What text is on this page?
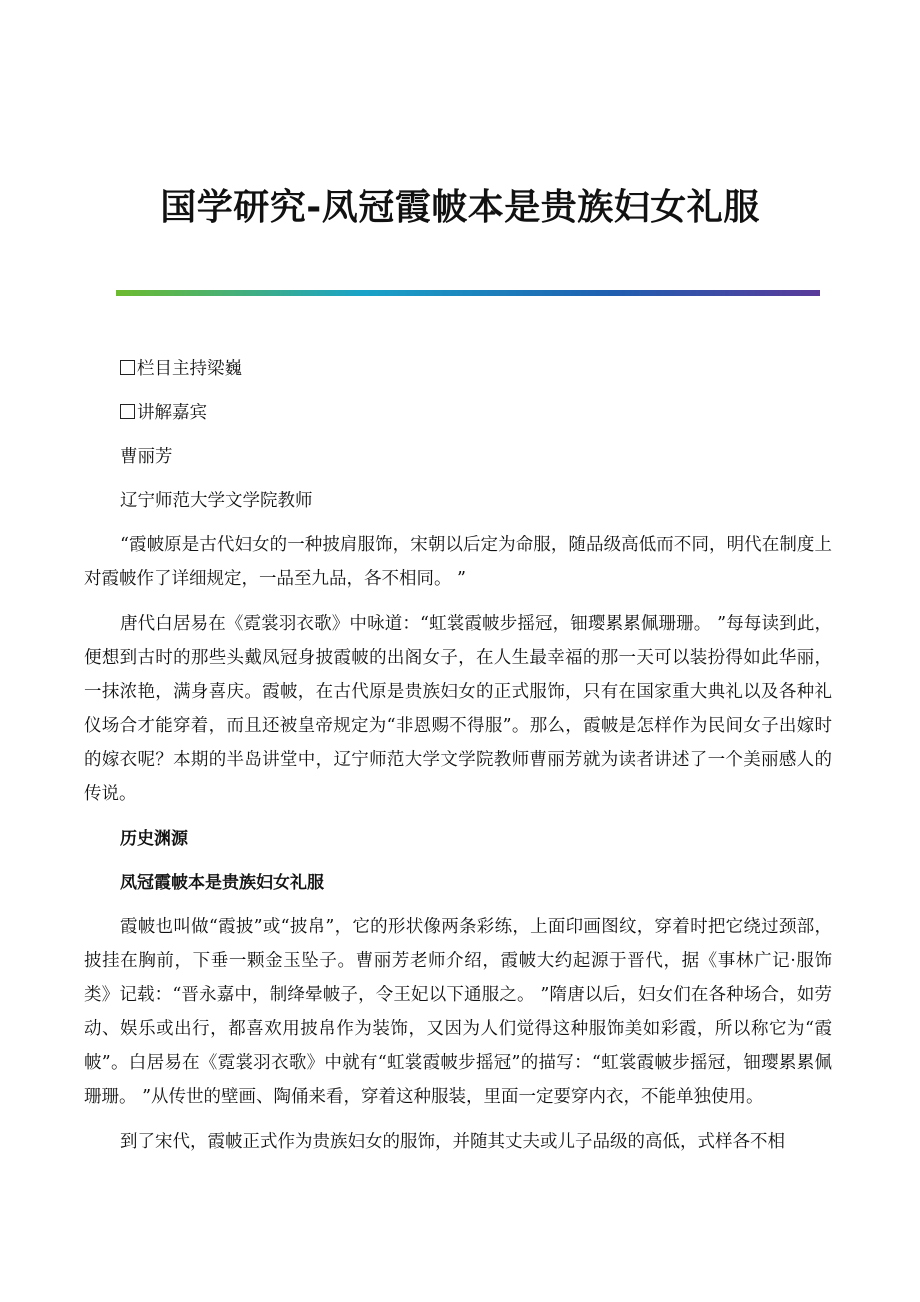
国学研究-凤冠霞帔本是贵族妇女礼服
栏目主持梁巍
讲解嘉宾
曹丽芳
辽宁师范大学文学院教师

“霞帔原是古代妇女的一种披肩服饰，宋朝以后定为命服，随品级高低而不同，明代在制度上对霞帔作了详细规定，一品至九品，各不相同。 ”

唐代白居易在《霓裳羽衣歌》中咏道：“虹裳霞帔步摇冠，钿璎累累佩珊珊。 ”每每读到此，便想到古时的那些头戴凤冠身披霞帔的出阁女子，在人生最幸福的那一天可以装扮得如此华丽，一抹浓艳，满身喜庆。霞帔，在古代原是贵族妇女的正式服饰，只有在国家重大典礼以及各种礼仪场合才能穿着，而且还被皇帝规定为“非恩赐不得服”。那么，霞帔是怎样作为民间女子出嫁时的嫁衣呢？本期的半岛讲堂中，辽宁师范大学文学院教师曹丽芳就为读者讲述了一个美丽感人的传说。

历史渊源
凤冠霞帔本是贵族妇女礼服

霞帔也叫做“霞披”或“披帛”，它的形状像两条彩练，上面印画图纹，穿着时把它绕过颈部，披挂在胸前，下垂一颗金玉坠子。曹丽芳老师介绍，霞帔大约起源于晋代，据《事林广记·服饰类》记载：“晋永嘉中，制绛晕帔子，令王妃以下通服之。 ”隋唐以后，妇女们在各种场合，如劳动、娱乐或出行，都喜欢用披帛作为装饰，又因为人们觉得这种服饰美如彩霞，所以称它为“霞帔”。白居易在《霓裳羽衣歌》中就有“虹裳霞帔步摇冠”的描写：“虹裳霞帔步摇冠，钿璎累累佩珊珊。 ”从传世的壁画、陶俑来看，穿着这种服装，里面一定要穿内衣，不能单独使用。

到了宋代，霞帔正式作为贵族妇女的服饰，并随其丈夫或儿子品级的高低，式样各不相
